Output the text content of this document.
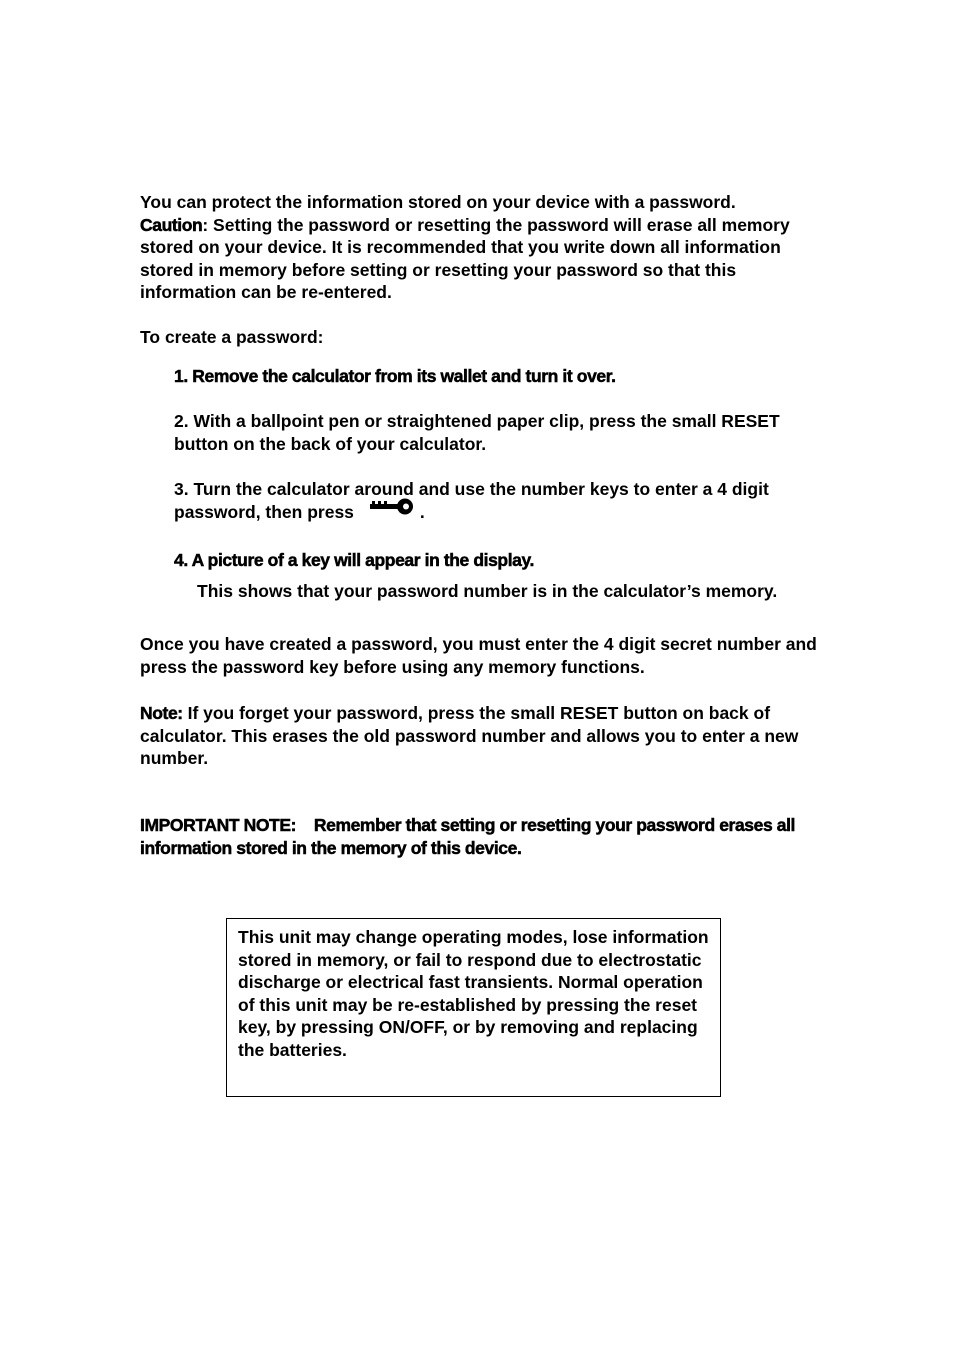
You can protect the information stored on your device with a password.
Caution: Setting the password or resetting the password will erase all memory stored on your device. It is recommended that you write down all information stored in memory before setting or resetting your password so that this information can be re-entered.

To create a password:

1. Remove the calculator from its wallet and turn it over.

2. With a ballpoint pen or straightened paper clip, press the small RESET button on the back of your calculator.

3. Turn the calculator around and use the number keys to enter a 4 digit password, then press	.

4. A picture of a key will appear in the display.

This shows that your password number is in the calculator’s memory.

Once you have created a password, you must enter the 4 digit secret number and press the password key before using any memory functions.

Note: If you forget your password, press the small RESET button on back of calculator. This erases the old password number and allows you to enter a new number.

IMPORTANT NOTE:    Remember that setting or resetting your password erases all information stored in the memory of this device.

This unit may change operating modes, lose information stored in memory, or fail to respond due to electrostatic discharge or electrical fast transients. Normal operation of this unit may be re-established by pressing the reset key, by pressing ON/OFF, or by removing and replacing the batteries.
